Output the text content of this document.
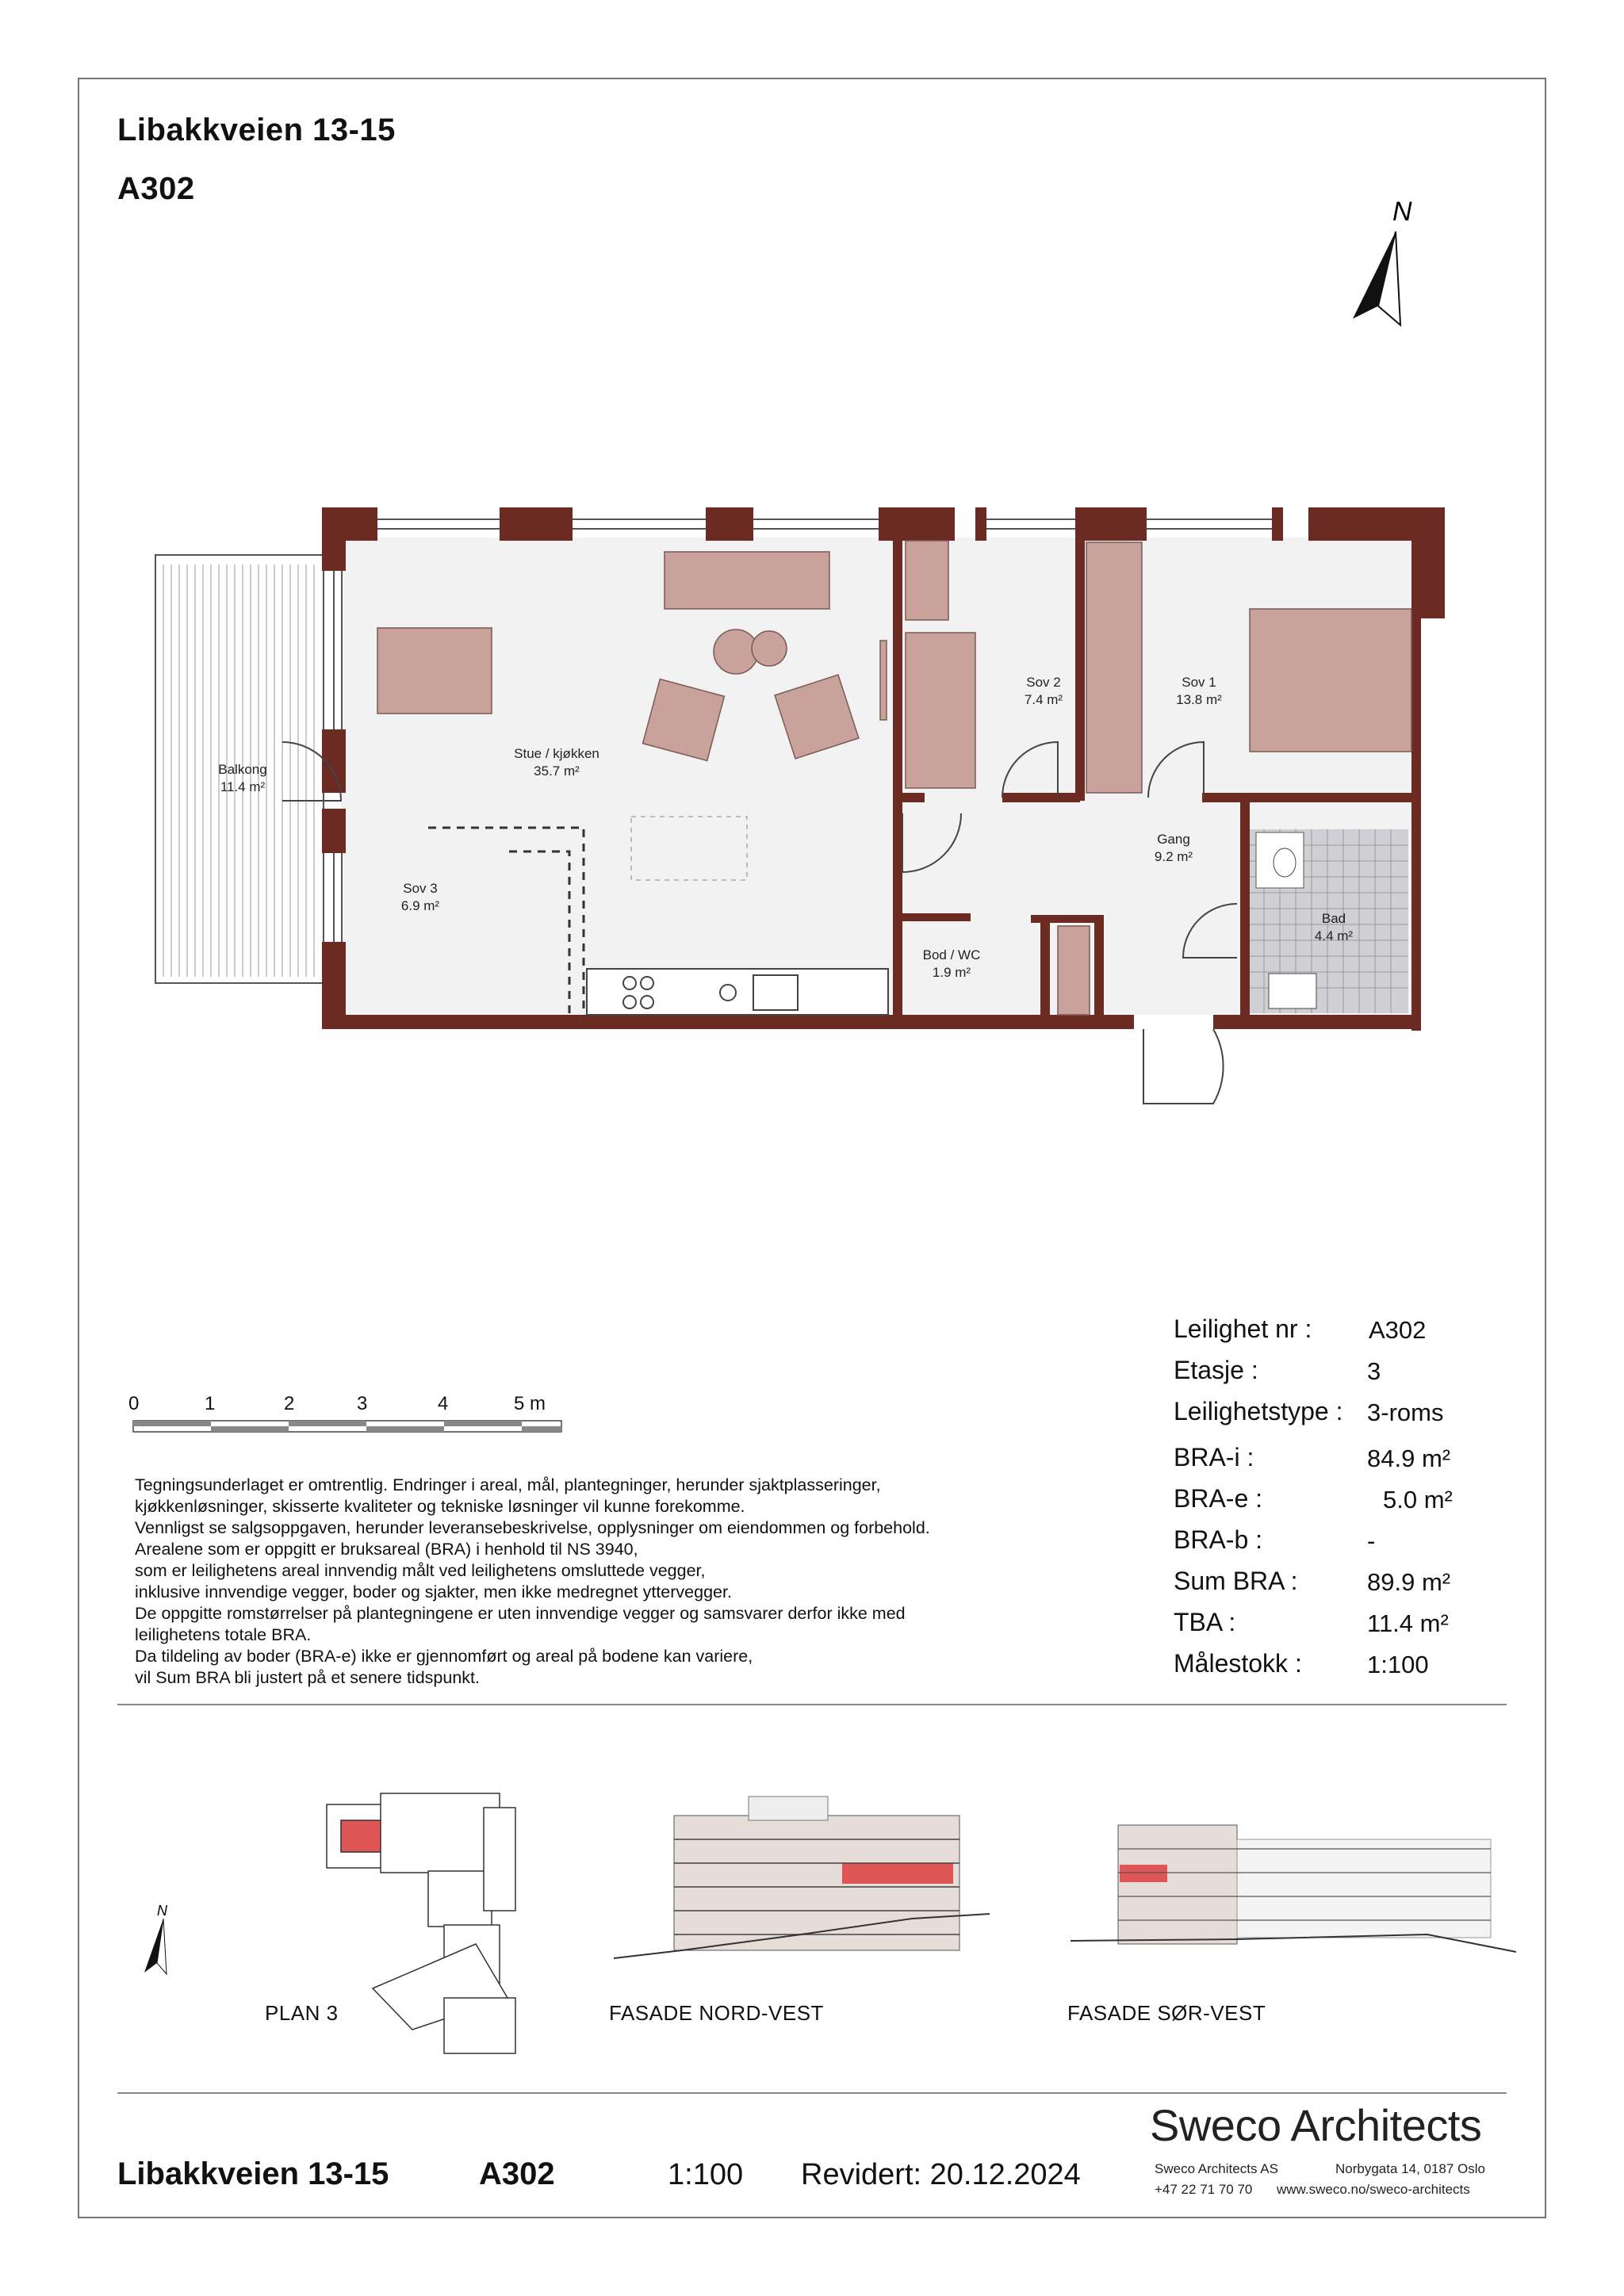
Libakkveien 13-15
A302
N
Balkong
11.4 m²
Stue / kjøkken
35.7 m²
Sov 2
7.4 m²
Sov 1
13.8 m²
Gang
9.2 m²
Sov 3
6.9 m²
Bod / WC
1.9 m²
Bad
4.4 m²
0	1	2	3	4	5 m
N
Tegningsunderlaget er omtrentlig. Endringer i areal, mål, plantegninger, herunder sjaktplasseringer,
kjøkkenløsninger, skisserte kvaliteter og tekniske løsninger vil kunne forekomme.
Vennligst se salgsoppgaven, herunder leveransebeskrivelse, opplysninger om eiendommen og forbehold.
Arealene som er oppgitt er bruksareal (BRA) i henhold til NS 3940,
som er leilighetens areal innvendig målt ved leilighetens omsluttede vegger,
inklusive innvendige vegger, boder og sjakter, men ikke medregnet yttervegger.
De oppgitte romstørrelser på plantegningene er uten innvendige vegger og samsvarer derfor ikke med
leilighetens totale BRA.
Da tildeling av boder (BRA-e) ikke er gjennomført og areal på bodene kan variere,
vil Sum BRA bli justert på et senere tidspunkt.
Leilighet nr : A302
Etasje :	3
Leilighetstype : 3-roms
BRA-i :	84.9 m²
BRA-e :	5.0 m²
BRA-b :	-
Sum BRA :	89.9 m²
TBA :	11.4 m²
Målestokk :	1:100
PLAN 3	FASADE NORD-VEST	FASADE SØR-VEST
Libakkveien 13-15	A302	1:100 Revidert: 20.12.2024
Sweco Architects
Sweco Architects AS	Norbygata 14, 0187 Oslo
+47 22 71 70 70 www.sweco.no/sweco-architects
